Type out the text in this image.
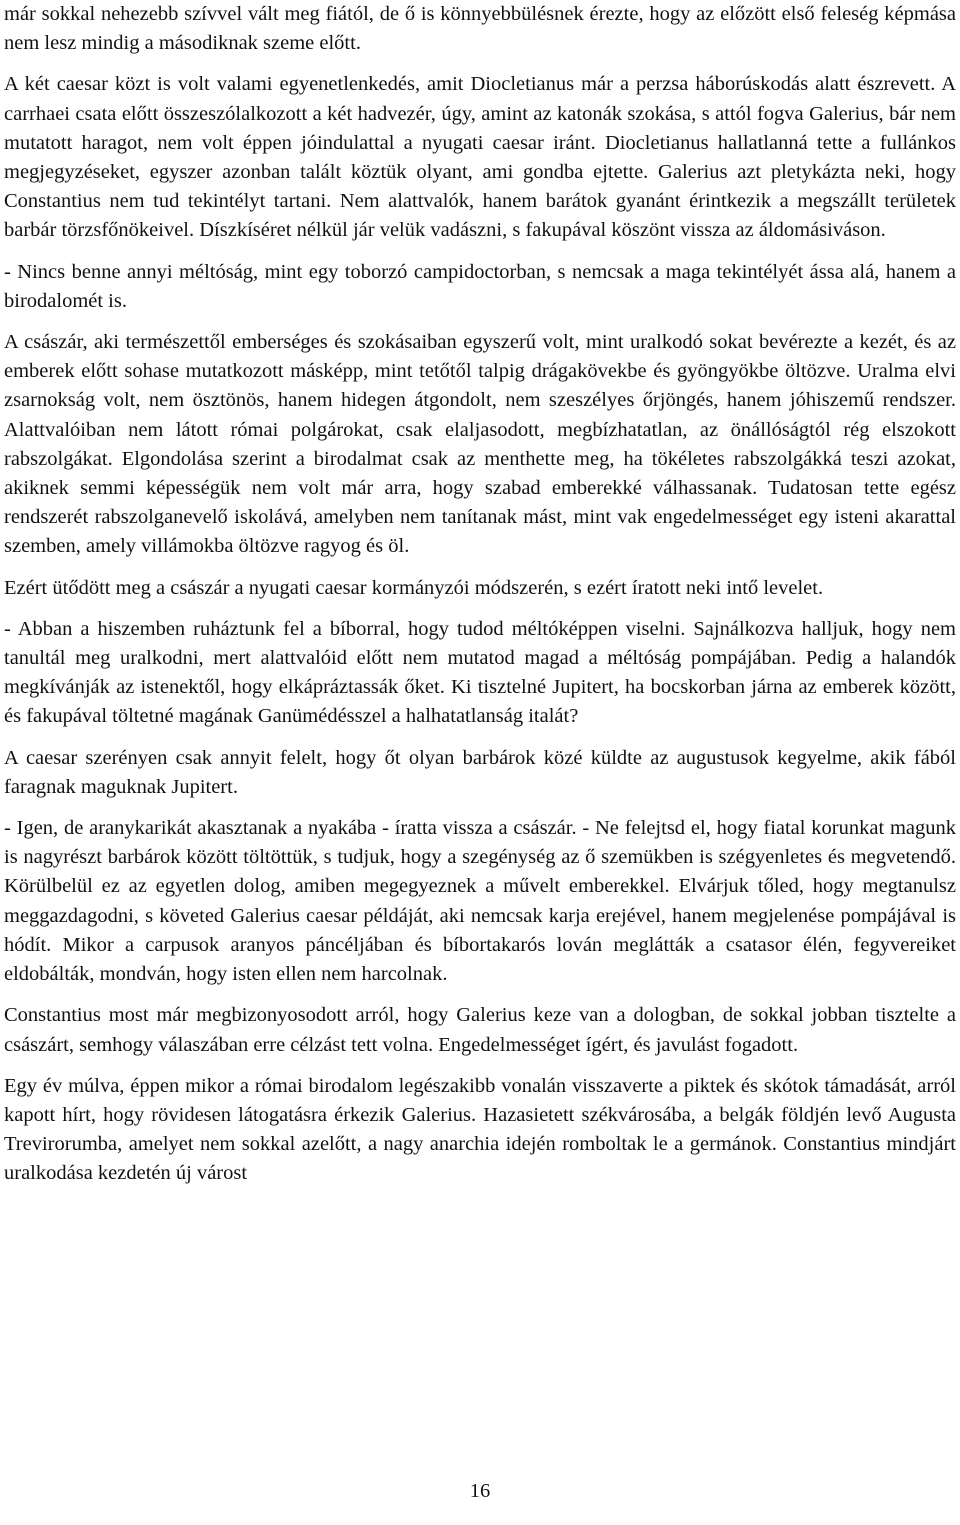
már sokkal nehezebb szívvel vált meg fiától, de ő is könnyebbülésnek érezte, hogy az előzött első feleség képmása nem lesz mindig a másodiknak szeme előtt.

A két caesar közt is volt valami egyenetlenkedés, amit Diocletianus már a perzsa háborúskodás alatt észrevett. A carrhaei csata előtt összeszólalkozott a két hadvezér, úgy, amint az katonák szokása, s attól fogva Galerius, bár nem mutatott haragot, nem volt éppen jóindulattal a nyugati caesar iránt. Diocletianus hallatlanná tette a fullánkos megjegyzéseket, egyszer azonban talált köztük olyant, ami gondba ejtette. Galerius azt pletykázta neki, hogy Constantius nem tud tekintélyt tartani. Nem alattvalók, hanem barátok gyanánt érintkezik a megszállt területek barbár törzsfőnökeivel. Díszkíséret nélkül jár velük vadászni, s fakupával köszönt vissza az áldomásiváson.

- Nincs benne annyi méltóság, mint egy toborzó campidoctorban, s nemcsak a maga tekintélyét ássa alá, hanem a birodalomét is.

A császár, aki természettől emberséges és szokásaiban egyszerű volt, mint uralkodó sokat bevérezte a kezét, és az emberek előtt sohase mutatkozott másképp, mint tetőtől talpig drágakövekbe és gyöngyökbe öltözve. Uralma elvi zsarnokság volt, nem ösztönös, hanem hidegen átgondolt, nem szeszélyes őrjöngés, hanem jóhiszemű rendszer. Alattvalóiban nem látott római polgárokat, csak elaljasodott, megbízhatatlan, az önállóságtól rég elszokott rabszolgákat. Elgondolása szerint a birodalmat csak az menthette meg, ha tökéletes rabszolgákká teszi azokat, akiknek semmi képességük nem volt már arra, hogy szabad emberekké válhassanak. Tudatosan tette egész rendszerét rabszolganevelő iskolává, amelyben nem tanítanak mást, mint vak engedelmességet egy isteni akarattal szemben, amely villámokba öltözve ragyog és öl.

Ezért ütődött meg a császár a nyugati caesar kormányzói módszerén, s ezért íratott neki intő levelet.

- Abban a hiszemben ruháztunk fel a bíborral, hogy tudod méltóképpen viselni. Sajnálkozva halljuk, hogy nem tanultál meg uralkodni, mert alattvalóid előtt nem mutatod magad a méltóság pompájában. Pedig a halandók megkívánják az istenektől, hogy elkápráztassák őket. Ki tisztelné Jupitert, ha bocskorban járna az emberek között, és fakupával töltetné magának Ganümédésszel a halhatatlanság italát?

A caesar szerényen csak annyit felelt, hogy őt olyan barbárok közé küldte az augustusok kegyelme, akik fából faragnak maguknak Jupitert.

- Igen, de aranykarikát akasztanak a nyakába - íratta vissza a császár. - Ne felejtsd el, hogy fiatal korunkat magunk is nagyrészt barbárok között töltöttük, s tudjuk, hogy a szegénység az ő szemükben is szégyenletes és megvetendő. Körülbelül ez az egyetlen dolog, amiben megegyeznek a művelt emberekkel. Elvárjuk tőled, hogy megtanulsz meggazdagodni, s követed Galerius caesar példáját, aki nemcsak karja erejével, hanem megjelenése pompájával is hódít. Mikor a carpusok aranyos páncéljában és bíbortakarós lován meglátták a csatasor élén, fegyvereiket eldobálták, mondván, hogy isten ellen nem harcolnak.

Constantius most már megbizonyosodott arról, hogy Galerius keze van a dologban, de sokkal jobban tisztelte a császárt, semhogy válaszában erre célzást tett volna. Engedelmességet ígért, és javulást fogadott.

Egy év múlva, éppen mikor a római birodalom legészakibb vonalán visszaverte a piktek és skótok támadását, arról kapott hírt, hogy rövidesen látogatásra érkezik Galerius. Hazasietett székvárosába, a belgák földjén levő Augusta Trevirorumba, amelyet nem sokkal azelőtt, a nagy anarchia idején romboltak le a germánok. Constantius mindjárt uralkodása kezdetén új várost

16
